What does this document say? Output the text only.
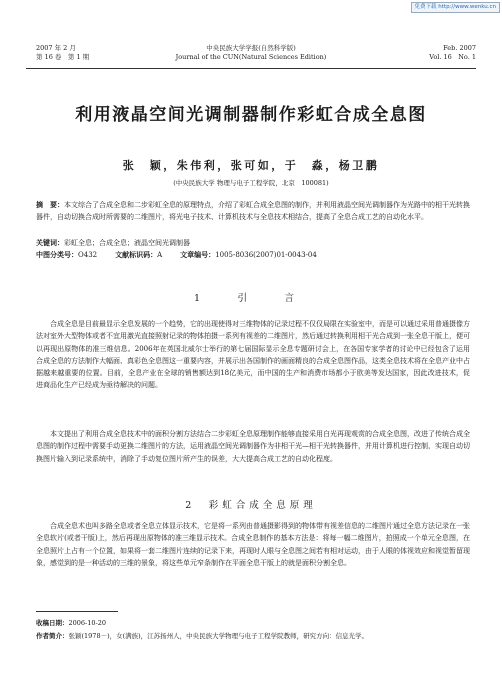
免费下载 http://www.wenku.cn
2007 年 2 月
第 16 卷　第 1 期
中央民族大学学报(自然科学版)
Journal of the CUN(Natural Sciences Edition)
Feb. 2007
Vol. 16　No. 1
利用液晶空间光调制器制作彩虹合成全息图
张　颖，朱伟利，张可如，于　淼，杨卫鹏
(中央民族大学 物理与电子工程学院，北京　100081)
摘　要：本文综合了合成全息和二步彩虹全息的原理特点，介绍了彩虹合成全息图的制作，并利用液晶空间光调制器作为光路中的相干光转换器件，自动切换合成时所需要的二维图片，将光电子技术、计算机技术与全息技术相结合，提高了全息合成工艺的自动化水平。
关键词：彩虹全息；合成全息；液晶空间光调制器
中图分类号：O432	文献标识码：A	文章编号：1005-8036(2007)01-0043-04
1　引　言
合成全息是目前最显示全息发展的一个趋势，它的出现使得对三维物体的记录过程不仅仅局限在实验室中，而是可以通过采用普通摄像方法对室外大型物体或者不宜用激光直接照射记录的物体拍摄一系列有视差的二维图片，然后通过转换利用相干光合成到一张全息干版上，便可以再现出原物体的准三维信息。2006年在英国北威尔士举行的第七届国际显示全息专题研讨会上，在各国专家学者的讨论中已经包含了运用合成全息的方法制作大幅面、真彩色全息图这一重要内容，并展示出各国制作的画面精良的合成全息图作品，这类全息技术将在全息产业中占据越来越重要的位置。目前，全息产业在全球的销售额达到18亿美元，而中国的生产和消费市场都小于欧美等发达国家，因此改进技术，促进商品化生产已经成为亟待解决的问题。
本文提出了利用合成全息技术中的面积分割方法结合二步彩虹全息原理制作能够直接采用白光再现观赏的合成全息图，改进了传统合成全息图的制作过程中需要手动更换二维图片的方法，运用液晶空间光调制器作为非相干光—相干光转换器件，并用计算机进行控制，实现自动切换图片输入到记录系统中，消除了手动复位图片所产生的误差，大大提高合成工艺的自动化程度。
2　彩虹合成全息原理
合成全息术也叫多路全息或者全息立体显示技术，它是将一系列由普通摄影得到的物体带有视差信息的二维图片通过全息方法记录在一张全息软片(或者干版)上，然后再现出原物体的准三维显示技术。合成全息制作的基本方法是：将每一幅二维图片，拍照成一个单元全息图，在全息照片上占有一个位置，如果将一套二维图片连续的记录下来，再现时人眼与全息图之间若有相对运动，由于人眼的体视效应和视觉暂留现象，感觉到的是一种活动的三维的景象，将这些单元窄条制作在平面全息干版上的就是面积分割全息。
收稿日期：2006-10-20
作者简介：张颖(1978－)，女(满族)，江苏扬州人，中央民族大学物理与电子工程学院教师，研究方向：信息光学。
